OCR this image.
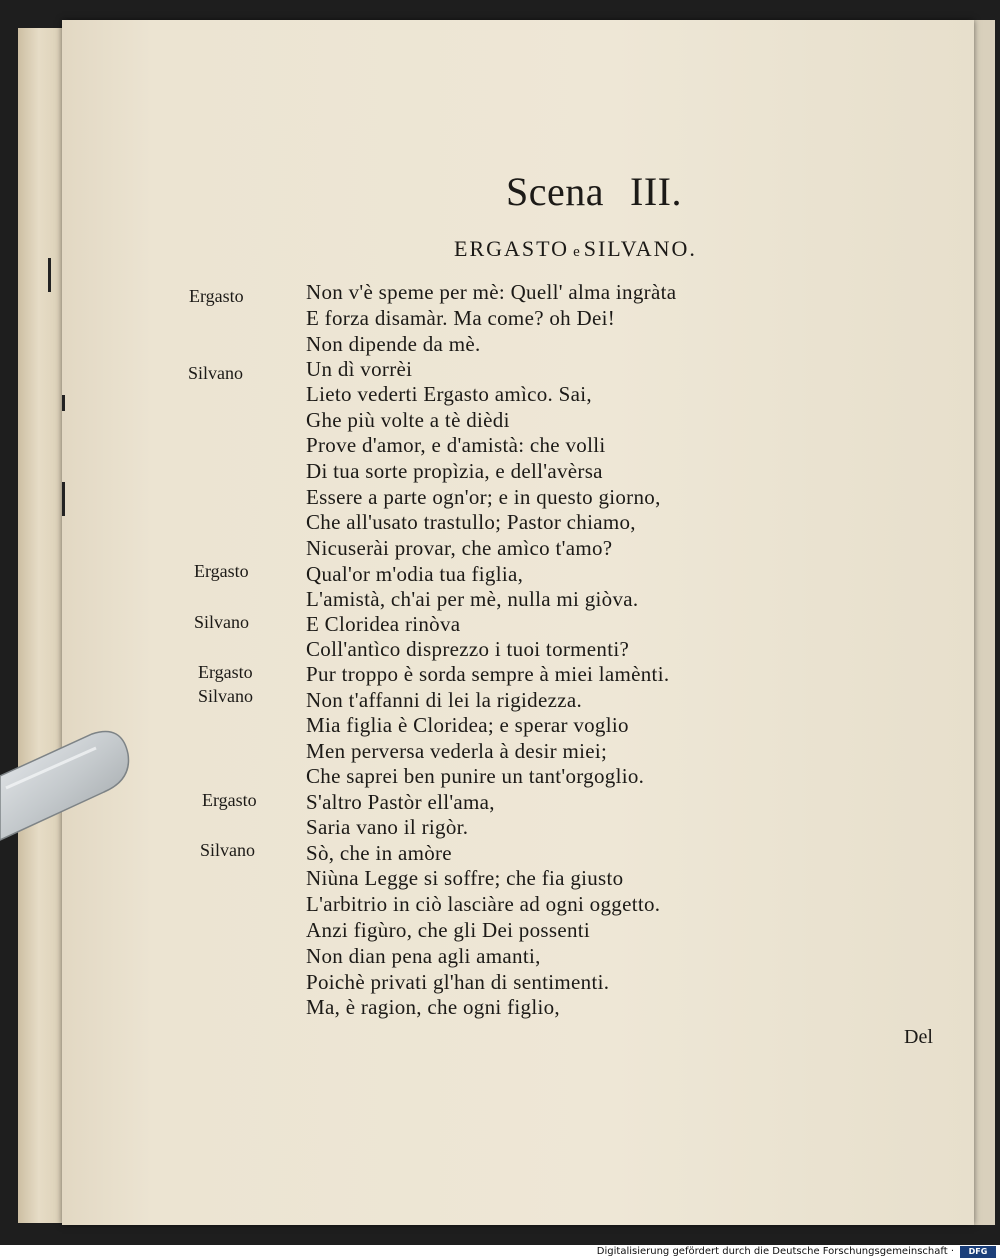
Scena III.
ERGASTO e SILVANO.
Ergasto
Silvano
Ergasto
Silvano
Ergasto
Silvano
Ergasto
Silvano
Non v'è speme per mè: Quell' alma ingràta
E forza disamàr. Ma come? oh Dei!
Non dipende da mè.
Un dì vorrèi
Lieto vederti Ergasto amìco. Sai,
Ghe più volte a tè dièdi
Prove d'amor, e d'amistà: che volli
Di tua sorte propìzia, e dell'avèrsa
Essere a parte ogn'or; e in questo giorno,
Che all'usato trastullo; Pastor chiamo,
Nicuserài provar, che amìco t'amo?
Qual'or m'odia tua figlia,
L'amistà, ch'ai per mè, nulla mi giòva.
E Cloridea rinòva
Coll'antìco disprezzo i tuoi tormenti?
Pur troppo è sorda sempre à miei lamènti.
Non t'affanni di lei la rigidezza.
Mia figlia è Cloridea; e sperar voglio
Men perversa vederla à desir miei;
Che saprei ben punire un tant'orgoglio.
S'altro Pastòr ell'ama,
Saria vano il rigòr.
Sò, che in amòre
Niùna Legge si soffre; che fia giusto
L'arbitrio in ciò lasciàre ad ogni oggetto.
Anzi figùro, che gli Dei possenti
Non dian pena agli amanti,
Poichè privati gl'han di sentimenti.
Ma, è ragion, che ogni figlio,
Del
Digitalisierung gefördert durch die Deutsche Forschungsgemeinschaft ·	DFG
